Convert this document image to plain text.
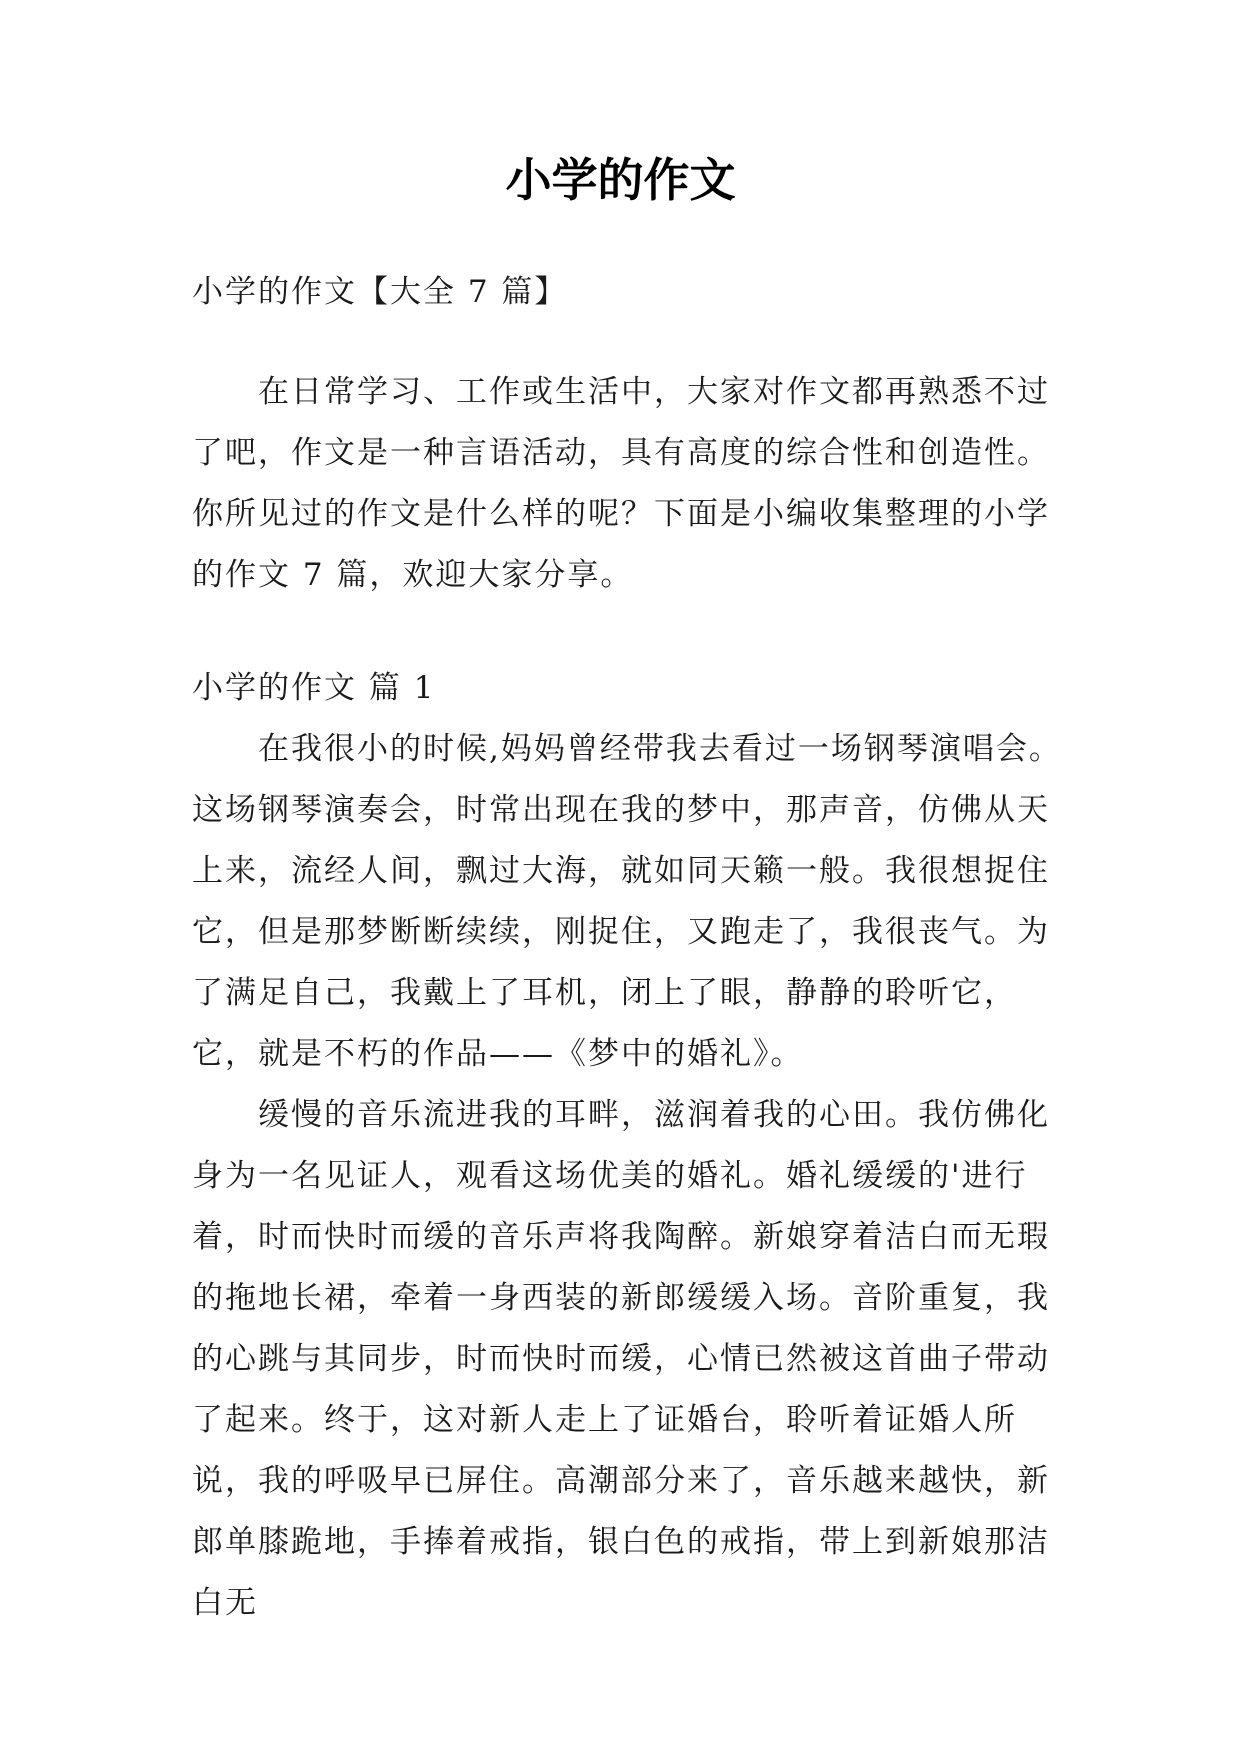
小学的作文

小学的作文【大全 7 篇】

在日常学习、工作或生活中，大家对作文都再熟悉不过了吧，作文是一种言语活动，具有高度的综合性和创造性。你所见过的作文是什么样的呢？下面是小编收集整理的小学的作文 7 篇，欢迎大家分享。

小学的作文 篇 1

在我很小的时候,妈妈曾经带我去看过一场钢琴演唱会。这场钢琴演奏会，时常出现在我的梦中，那声音，仿佛从天上来，流经人间，飘过大海，就如同天籁一般。我很想捉住它，但是那梦断断续续，刚捉住，又跑走了，我很丧气。为了满足自己，我戴上了耳机，闭上了眼，静静的聆听它，它，就是不朽的作品——《梦中的婚礼》。

缓慢的音乐流进我的耳畔，滋润着我的心田。我仿佛化身为一名见证人，观看这场优美的婚礼。婚礼缓缓的'进行着，时而快时而缓的音乐声将我陶醉。新娘穿着洁白而无瑕的拖地长裙，牵着一身西装的新郎缓缓入场。音阶重复，我的心跳与其同步，时而快时而缓，心情已然被这首曲子带动了起来。终于，这对新人走上了证婚台，聆听着证婚人所说，我的呼吸早已屏住。高潮部分来了，音乐越来越快，新郎单膝跪地，手捧着戒指，银白色的戒指，带上到新娘那洁白无
